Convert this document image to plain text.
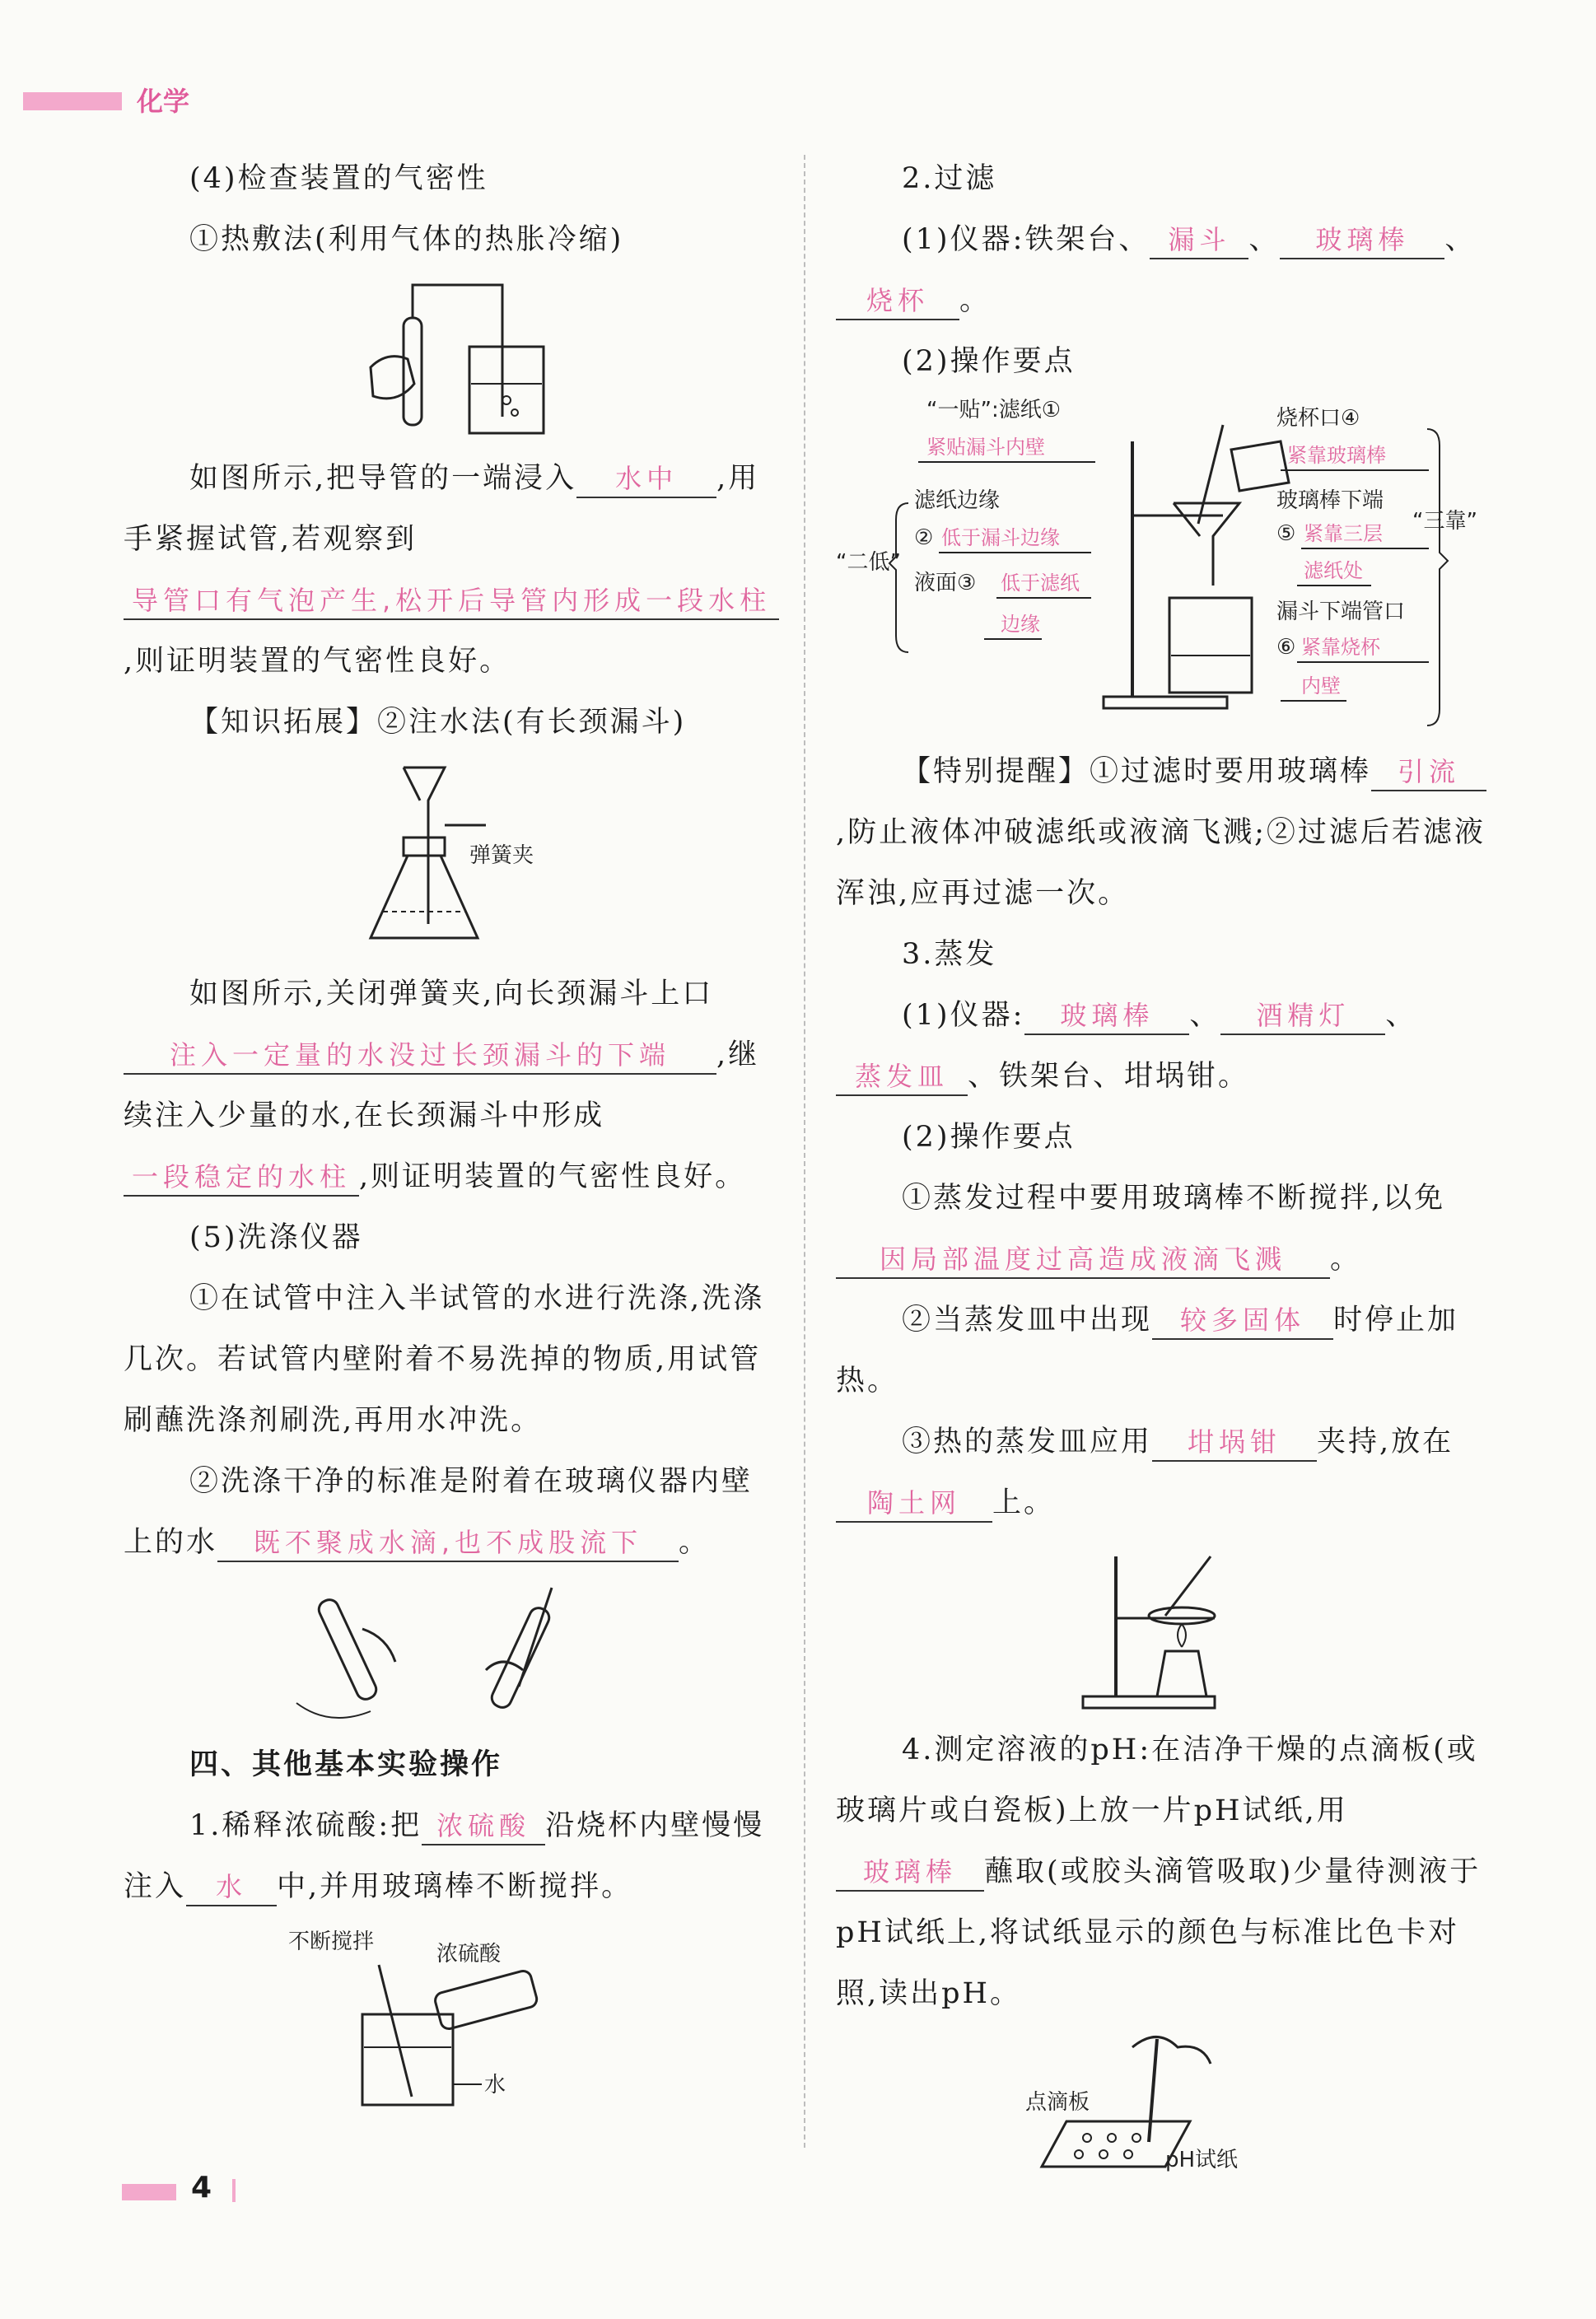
化学
(4)检查装置的气密性
①热敷法(利用气体的热胀冷缩)
如图所示,把导管的一端浸入 水中 ,用手紧握试管,若观察到导管口有气泡产生,松开后导管内形成一段水柱,则证明装置的气密性良好。
【知识拓展】②注水法(有长颈漏斗)
弹簧夹
如图所示,关闭弹簧夹,向长颈漏斗上口注入一定量的水没过长颈漏斗的下端 ,继续注入少量的水,在长颈漏斗中形成一段稳定的水柱 ,则证明装置的气密性良好。
(5)洗涤仪器
①在试管中注入半试管的水进行洗涤,洗涤几次。若试管内壁附着不易洗掉的物质,用试管刷蘸洗涤剂刷洗,再用水冲洗。
②洗涤干净的标准是附着在玻璃仪器内壁上的水 既不聚成水滴,也不成股流下 。
四、其他基本实验操作
1.稀释浓硫酸:把 浓硫酸 沿烧杯内壁慢慢注入 水 中,并用玻璃棒不断搅拌。
不断搅拌	浓硫酸
水
2.过滤
(1)仪器:铁架台、 漏斗 、 玻璃棒 、烧杯 。
(2)操作要点
“一贴”:滤纸①
紧贴漏斗内壁
“二低”
滤纸边缘
② 低于漏斗边缘
液面③ 低于滤纸
边缘
烧杯口④
紧靠玻璃棒
玻璃棒下端
⑤ 紧靠三层
滤纸处
漏斗下端管口
⑥ 紧靠烧杯
内壁
“三靠”
【特别提醒】①过滤时要用玻璃棒 引流,防止液体冲破滤纸或液滴飞溅;②过滤后若滤液浑浊,应再过滤一次。
3.蒸发
(1)仪器: 玻璃棒 、 酒精灯 、蒸发皿 、铁架台、坩埚钳。
(2)操作要点
①蒸发过程中要用玻璃棒不断搅拌,以免因局部温度过高造成液滴飞溅 。
②当蒸发皿中出现 较多固体 时停止加热。
③热的蒸发皿应用 坩埚钳 夹持,放在陶土网 上。
4.测定溶液的pH:在洁净干燥的点滴板(或玻璃片或白瓷板)上放一片pH试纸,用玻璃棒 蘸取(或胶头滴管吸取)少量待测液于pH试纸上,将试纸显示的颜色与标准比色卡对照,读出pH。
点滴板
pH试纸
4
